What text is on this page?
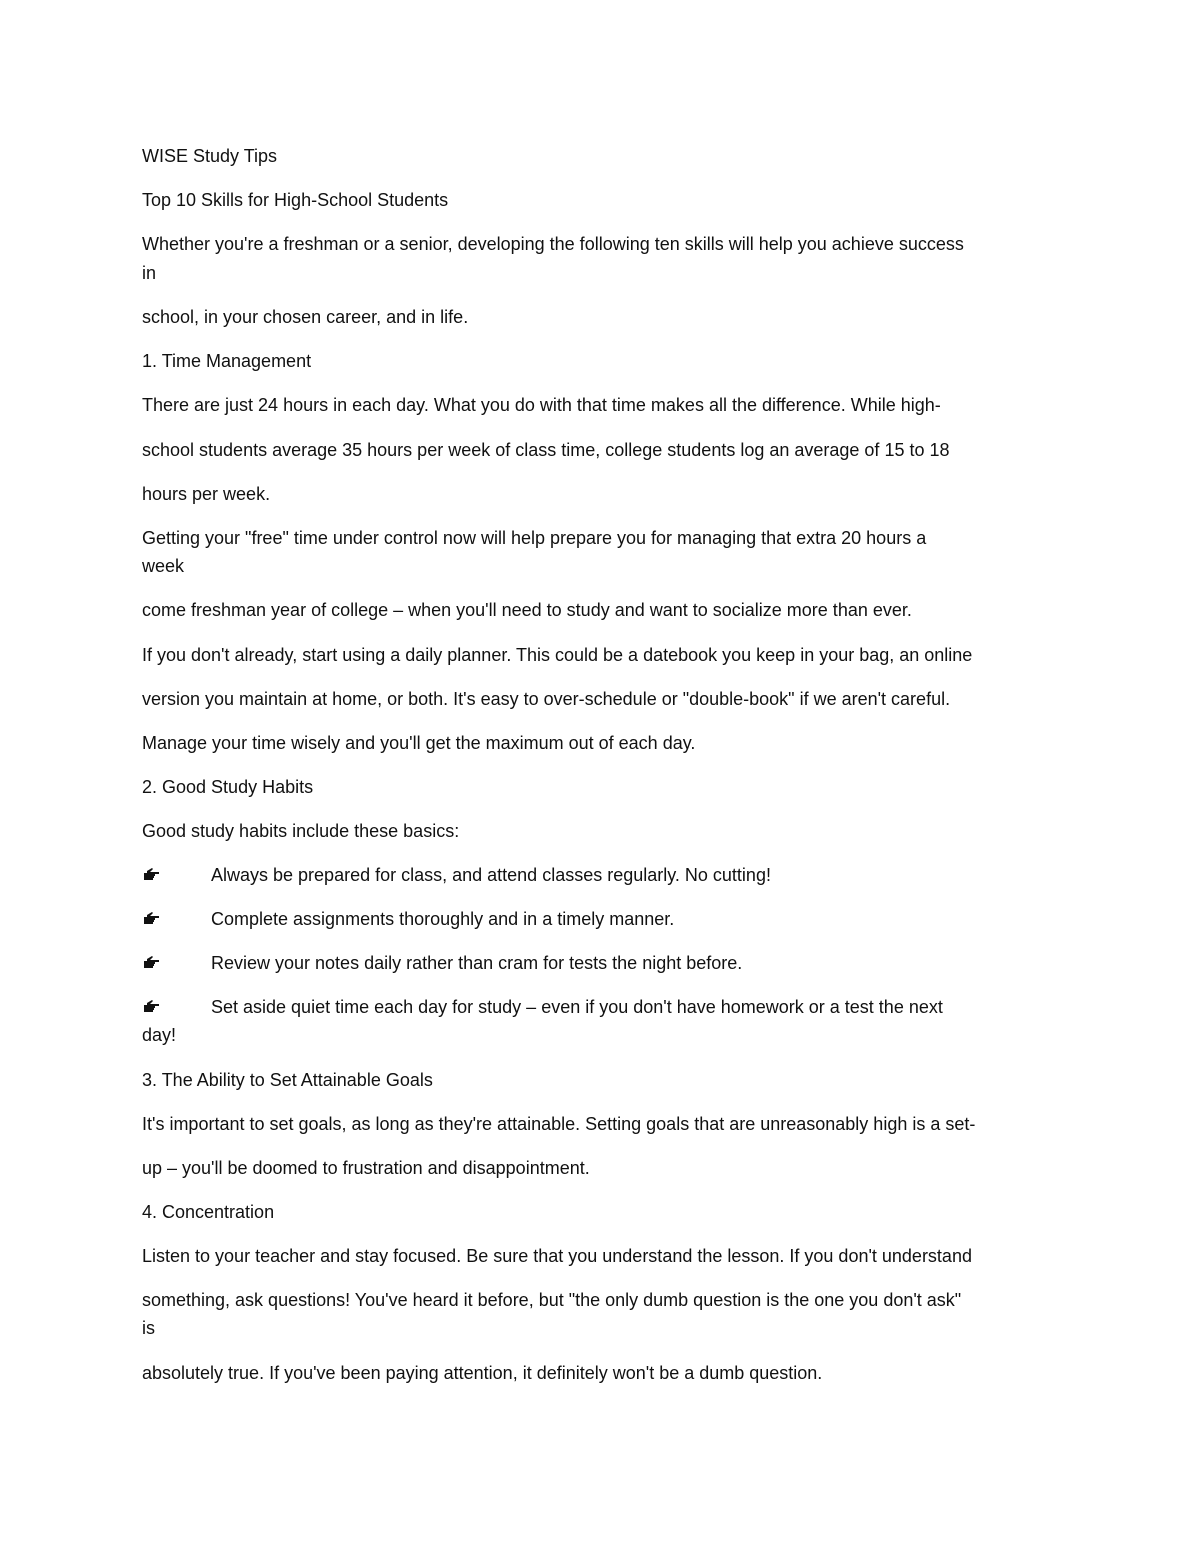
WISE Study Tips

Top 10 Skills for High-School Students

Whether you're a freshman or a senior, developing the following ten skills will help you achieve success

in

school, in your chosen career, and in life.

1. Time Management

There are just 24 hours in each day. What you do with that time makes all the difference. While high-

school students average 35 hours per week of class time, college students log an average of 15 to 18

hours per week.

Getting your "free" time under control now will help prepare you for managing that extra 20 hours a

week

come freshman year of college – when you'll need to study and want to socialize more than ever.

If you don't already, start using a daily planner. This could be a datebook you keep in your bag, an online

version you maintain at home, or both. It's easy to over-schedule or "double-book" if we aren't careful.

Manage your time wisely and you'll get the maximum out of each day.

2. Good Study Habits

Good study habits include these basics:

Always be prepared for class, and attend classes regularly. No cutting!

Complete assignments thoroughly and in a timely manner.

Review your notes daily rather than cram for tests the night before.

Set aside quiet time each day for study – even if you don't have homework or a test the next

day!

3. The Ability to Set Attainable Goals

It's important to set goals, as long as they're attainable. Setting goals that are unreasonably high is a set-

up – you'll be doomed to frustration and disappointment.

4. Concentration

Listen to your teacher and stay focused. Be sure that you understand the lesson. If you don't understand

something, ask questions! You've heard it before, but "the only dumb question is the one you don't ask"

is

absolutely true. If you've been paying attention, it definitely won't be a dumb question.
